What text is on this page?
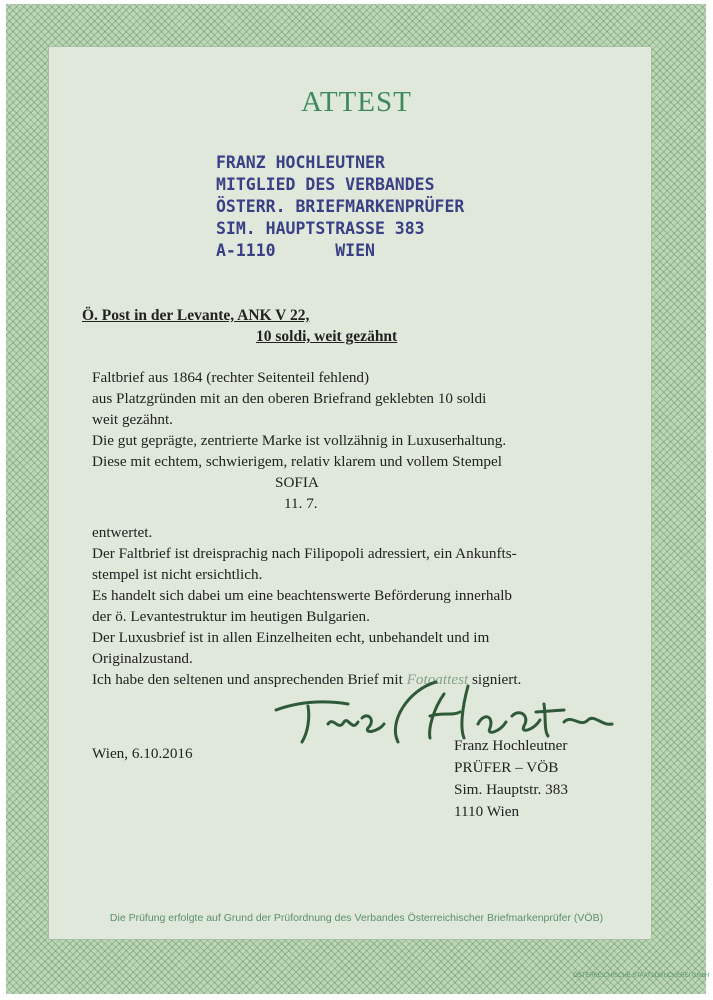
ATTEST
FRANZ HOCHLEUTNER
MITGLIED DES VERBANDES
ÖSTERR. BRIEFMARKENPRÜFER
SIM. HAUPTSTRASSE 383
A-1110      WIEN
Ö. Post in der Levante, ANK V 22,
10 soldi, weit gezähnt
Faltbrief aus 1864 (rechter Seitenteil fehlend)
aus Platzgründen mit an den oberen Briefrand geklebten 10 soldi
weit gezähnt.
Die gut geprägte, zentrierte Marke ist vollzähnig in Luxuserhaltung.
Diese mit echtem, schwierigem, relativ klarem und vollem Stempel
SOFIA
11. 7.
entwertet.
Der Faltbrief ist dreisprachig nach Filipopoli adressiert, ein Ankunfts-
stempel ist nicht ersichtlich.
Es handelt sich dabei um eine beachtenswerte Beförderung innerhalb
der ö. Levantestruktur im heutigen Bulgarien.
Der Luxusbrief ist in allen Einzelheiten echt, unbehandelt und im
Originalzustand.
Ich habe den seltenen und ansprechenden Brief mit Fotoattest signiert.
Wien, 6.10.2016	Franz Hochleutner
PRÜFER – VÖB
Sim. Hauptstr. 383
1110 Wien
Die Prüfung erfolgte auf Grund der Prüfordnung des Verbandes Österreichischer Briefmarkenprüfer (VÖB)
ÖSTERREICHISCHE STAATSDRUCKEREI GmbH
